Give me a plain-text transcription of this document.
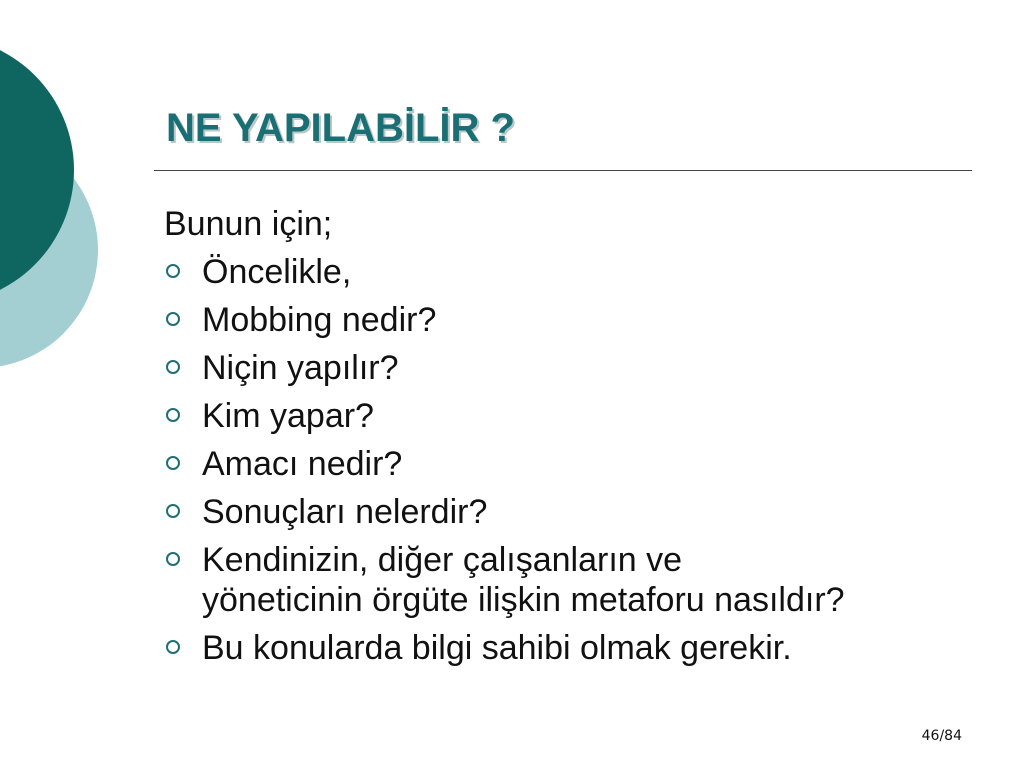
NE YAPILABİLİR ?

Bunun için;

Öncelikle,
Mobbing nedir?
Niçin yapılır?
Kim yapar?
Amacı nedir?
Sonuçları nelerdir?
Kendinizin, diğer çalışanların ve
yöneticinin örgüte ilişkin metaforu nasıldır?
Bu konularda bilgi sahibi olmak gerekir.
46/84
